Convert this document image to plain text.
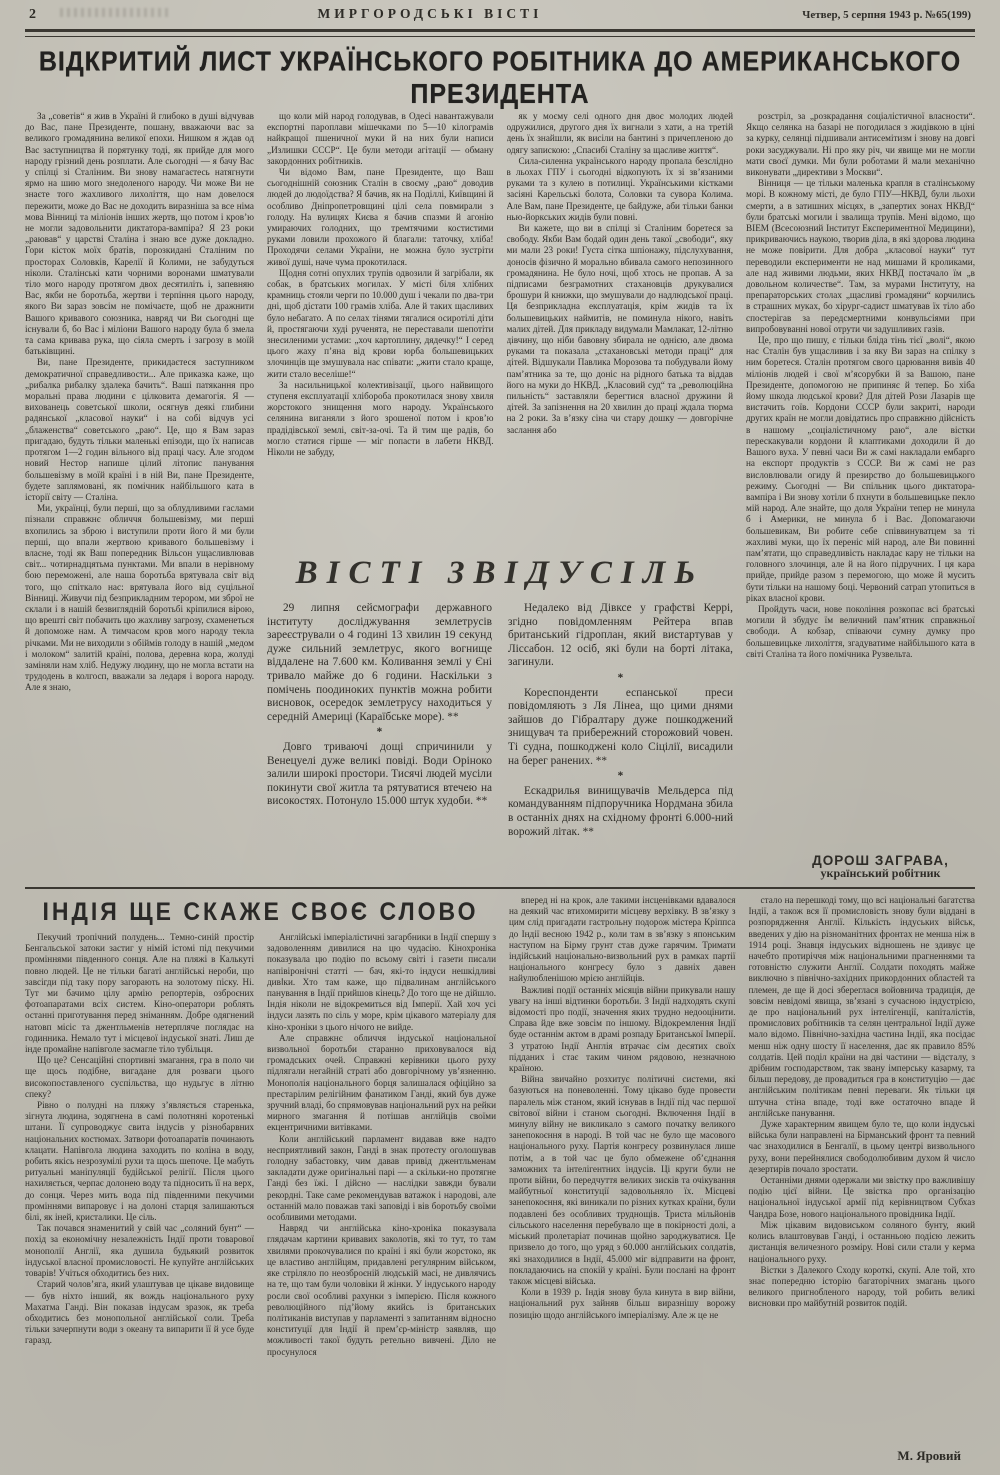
2	МИРГОРОДСЬКІ ВІСТІ	Четвер, 5 серпня 1943 р. №65(199)
ВІДКРИТИЙ ЛИСТ УКРАЇНСЬКОГО РОБІТНИКА ДО АМЕРИКАНСЬКОГО ПРЕЗИДЕНТА

За „советів“ я жив в Україні й глибоко в душі відчував до Вас, пане Президенте, пошану, вважаючи вас за великого громадянина великої епохи. Нишком я ждав од Вас заступництва й порятунку тоді, як прийде для мого народу грізний день розплати. Але сьогодні — я бачу Вас у спілці зі Сталіним. Ви знову намагаєтесь натягнути ярмо на шию мого знедоленого народу. Чи може Ви не знаєте того жахливого лихоліття, що нам довелося пережити, може до Вас не доходить виразніша за все німа мова Вінниці та міліонів інших жертв, що потом і кров’ю не могли задовольнити диктатора-вампіра? Я 23 роки „раював“ у царстві Сталіна і знаю все дуже докладно. Гори кісток моїх братів, порозкидані Сталіним по просторах Соловків, Карелії й Колими, не забудуться ніколи. Сталінські кати чорними воронами шматували тіло мого народу протягом двох десятиліть і, запевняю Вас, якби не боротьба, жертви і терпіння цього народу, якого Ви зараз зовсім не помічаєте, щоб не дражнити Вашого кривавого союзника, навряд чи Ви сьогодні ще існували б, бо Вас і міліони Вашого народу була б змела та сама кривава рука, що сіяла смерть і загрозу в моїй батьківщині.

Ви, пане Президенте, прикидаєтеся заступником демократичної справедливости... Але приказка каже, що „рибалка рибалку здалека бачить“. Ваші патякання про моральні права людини є цілковита демагогія. Я — вихованець советської школи, осягнув деякі глибини радянської „класової науки“ і на собі відчув усі „блаженства“ советського „раю“. Це, що я Вам зараз пригадаю, будуть тільки маленькі епізоди, що їх написав протягом 1—2 годин вільного від праці часу. Але згодом новий Нестор напише цілий літопис панування большевізму в моїй країні і в ній Ви, пане Президенте, будете заплямовані, як помічник найбільшого ката в історії світу — Сталіна.

Ми, українці, були перші, що за облудливими гаслами пізнали справжнє обличчя большевізму, ми перші вхопились за зброю і виступили проти його й ми були перші, що впали жертвою кривавого большевізму і власне, тоді як Ваш попередник Вільсон ущасливлював світ... чотирнадцятьма пунктами. Ми впали в нерівному бою переможені, але наша боротьба врятувала світ від того, що спіткало нас: врятувала його від суцільної Вінниці. Живучи під безприкладним терором, ми зброї не склали і в нашій безвиглядній боротьбі кріпилися вірою, що врешті світ побачить цю жахливу загрозу, схаменеться й допоможе нам. А тимчасом кров мого народу текла річками. Ми не виходили з обіймів голоду в нашій „медом і молоком“ залитій країні, полова, деревна кора, жолуді заміняли нам хліб. Недужу людину, що не могла встати на трудодень в колгосп, вважали за ледаря і ворога народу. Але я знаю,

що коли мій народ голодував, в Одесі навантажували експортні пароплави мішечками по 5—10 кілограмів найкращої пшеничної муки й на них були написи „Излишки СССР“. Це були методи агітації — обману закордонних робітників.

Чи відомо Вам, пане Президенте, що Ваш сьогоднішній союзник Сталін в своєму „раю“ доводив людей до людоїдства? Я бачив, як на Поділлі, Київщині й особливо Дніпропетровщині цілі села повмирали з голоду. На вулицях Києва я бачив спазми й агонію умираючих голодних, що тремтячими костистими руками ловили прохожого й благали: таточку, хліба! Проходячи селами України, не можна було зустріти живої душі, наче чума прокотилася.

Щодня сотні опухлих трупів одвозили й загрібали, як собак, в братських могилах. У місті біля хлібних крамниць стояли черги по 10.000 душ і чекали по два-три дні, щоб дістати 100 грамів хліба. Але й таких щасливих було небагато. А по селах тінями тягалися осиротілі діти й, простягаючи худі рученята, не переставали шепотіти знесиленими устами: „хоч картоплину, дядечку!“ І серед цього жаху п’яна від крови юрба большевицьких злочинців ще змушувала нас співати: „жити стало краще, жити стало веселіше!“

За насильницької колективізації, цього найвищого ступеня експлуатації хлібороба прокотилася знову хвиля жорстокого знищення мого народу. Українського селянина виганяли з його зрошеної потом і кров’ю прадідівської землі, світ-за-очі. Та й тим ще радів, бо могло статися гірше — міг попасти в лабети НКВД. Ніколи не забуду,

як у моєму селі одного дня двоє молодих людей одружилися, другого дня їх вигнали з хати, а на третій день їх знайшли, як висіли на бантині з причепленою до одягу запискою: „Спасибі Сталіну за щасливе життя“.

Сила-силенна українського народу пропала безслідно в льохах ГПУ і сьогодні відкопують їх зі зв’язаними руками та з кулею в потилиці. Українськими кістками засіяні Карельські болота, Соловки та сувора Колима. Але Вам, пане Президенте, це байдуже, аби тільки банки нью-йоркських жидів були повні.

Ви кажете, що ви в спілці зі Сталіним боретеся за свободу. Якби Вам бодай один день такої „свободи“, яку ми мали 23 роки! Густа сітка шпіонажу, підслухування, доносів фізично й морально вбивала самого непозинного громадянина. Не було ночі, щоб хтось не пропав. А за підписами безграмотних стахановців друкувалися брошури й книжки, що змушували до надлюдської праці. Ця безприкладна експлуатація, крім жидів та їх большевицьких наймитів, не поминула нікого, навіть малих дітей. Для прикладу видумали Мамлакат, 12-літню дівчину, що ніби бавовну збирала не однією, але двома руками та показала „стахановські методи праці“ для дітей. Відшукали Павлика Морозова та побудували йому пам’ятника за те, що доніс на рідного батька та віддав його на муки до НКВД. „Класовий суд“ та „революційна пильність“ заставляли берегтися власної дружини й дітей. За запізнення на 20 хвилин до праці ждала тюрма на 2 роки. За в’язку сіна чи стару дошку — довгорічне заслання або

ВІСТІ ЗВІДУСІЛЬ

29 липня сейсмографи державного інституту досліджування землетрусів зареєстрували о 4 годині 13 хвилин 19 секунд дуже сильний землетрус, якого вогнище віддалене на 7.600 км. Коливання землі у Єні тривало майже до 6 години. Наскільки з помічень поодиноких пунктів можна робити висновок, осередок землетрусу находиться у середній Америці (Караїбське море). **

*

Довго триваючі дощі спричинили у Венецуелі дуже великі повіді. Води Оріноко залили широкі простори. Тисячі людей мусіли покинути свої житла та рятуватися втечею на високостях. Потонуло 15.000 штук худоби. **

Недалеко від Дівксе у графстві Керрі, згідно повідомленням Рейтера впав британський гідроплан, який вистартував у Ліссабон. 12 осіб, які були на борті літака, загинули.

*

Кореспонденти еспанської преси повідомляють з Ля Лінеа, що цими днями зайшов до Гібралтару дуже пошкоджений знищувач та прибережний сторожовий човен. Ті судна, пошкоджені коло Сіцілії, висадили на берег ранених. **

*

Ескадрилья винищувачів Мельдерса під командуванням підпоручника Нордмана збила в останніх днях на східному фронті 6.000-ний ворожий літак. **

розстріл, за „розкрадання соціалістичної власности“. Якщо селянка на базарі не погодилася з жидівкою в ціні за курку, селянці підшивали антисемітизм і знову на довгі роки засуджували. Ні про яку річ, чи явище ми не могли мати своєї думки. Ми були роботами й мали механічно виконувати „директиви з Москви“.

Вінниця — це тільки маленька крапля в сталінському морі. В кожному місті, де було ГПУ—НКВД, були льохи смерти, а в затишних місцях, в „запертих зонах НКВД“ були братські могили і звалища трупів. Мені відомо, що ВІЕМ (Всесоюзний Інститут Експериментної Медицини), прикриваючись наукою, творив діла, в які здорова людина не може повірити. Для добра „класової науки“ тут переводили експерименти не над мишами й кроликами, але над живими людьми, яких НКВД постачало їм „в довольном количестве“. Там, за мурами Інституту, на препараторських столах „щасливі громадяни“ корчились в страшних муках, бо хірург-садист шматував їх тіло або спостерігав за передсмертними конвульсіями при випробовуванні нової отрути чи задушливих газів.

Це, про що пишу, є тільки бліда тінь тієї „волі“, якою нас Сталін був ущасливив і за яку Ви зараз на спілку з ним боретеся. Сталін протягом свого царювання вивів 40 міліонів людей і свої м’ясорубки й за Вашою, пане Президенте, допомогою не припиняє й тепер. Бо хіба йому шкода людської крови? Для дітей Рози Лазарів ще вистачить гоїв. Кордони СССР були закриті, народи других країн не могли довідатись про справжню дійсність в нашому „соціалістичному раю“, але вістки перескакували кордони й клаптиками доходили й до Вашого вуха. У певні часи Ви ж самі накладали ембарго на експорт продуктів з СССР. Ви ж самі не раз висловлювали огиду й презирство до большевицького режиму. Сьогодні — Ви спільник цього диктатора-вампіра і Ви знову хотіли б пхнути в большевицьке пекло мій народ. Але знайте, що доля України тепер не минула б і Америки, не минула б і Вас. Допомагаючи большевикам, Ви робите себе співвинуватцем за ті жахливі муки, що їх переніс мій народ, але Ви повинні пам’ятати, що справедливість накладає кару не тільки на головного злочинця, але й на його підручних. І ця кара прийде, прийде разом з перемогою, що може й мусить бути тільки на нашому боці. Червоний сатрап утопиться в ріках власної крови.

Пройдуть часи, нове покоління розкопає всі братські могили й збудує їм величний пам’ятник справжньої свободи. А кобзар, співаючи сумну думку про большевицьке лихоліття, згадуватиме найбільшого ката в світі Сталіна та його помічника Рузвельта.

ДОРОШ ЗАГРАВА,
український робітник
ІНДІЯ ЩЕ СКАЖЕ СВОЄ СЛОВО

Пекучий тропічний полудень... Темно-синій простір Бенгальської затоки застиг у німій істомі під пекучими проміннями південного сонця. Але на пляжі в Калькуті повно людей. Це не тільки багаті англійські нероби, що завсігди під таку пору загорають на золотому піску. Ні. Тут ми бачимо цілу армію репортерів, озброєних фотоапаратами всіх систем. Кіно-оператори роблять останні приготування перед зніманням. Добре одягнений натовп місіс та джентльменів нетерпляче поглядає на годинника. Немало тут і місцевої індуської знаті. Лиш де інде промайне напівголе засмагле тіло тубільця.

Що це? Сенсаційні спортивні змагання, гра в поло чи ще щось подібне, вигадане для розваги цього високопоставленого суспільства, що нудьгує в літню спеку?

Рівно о полудні на пляжу з’являється старенька, зігнута людина, зодягнена в самі полотняні коротенькі штани. Її супроводжує свита індусів у різнобарвних національних костюмах. Затвори фотоапаратів починають клацати. Напівгола людина заходить по коліна в воду, робить якісь незрозумілі рухи та щось шепоче. Це мабуть ритуальні маніпуляції будійської релігії. Після цього нахиляється, черпає долонею воду та підносить її на верх, до сонця. Через мить вода під південними пекучими проміннями випаровує і на долоні старця залишаються білі, як іней, кристалики. Це сіль.

Так почався знаменитий у свій час „соляний бунт“ — похід за економічну незалежність Індії проти товарової монополії Англії, яка душила будьякий розвиток індуської власної промисловості. Не купуйте англійських товарів! Учіться обходитись без них.

Старий чолов’яга, який улаштував це цікаве видовище — був ніхто інший, як вождь національного руху Махатма Ганді. Він показав індусам зразок, як треба обходитись без монопольної англійської соли. Треба тільки зачерпнути води з океану та випарити її й усе буде гаразд.

Англійські імперіалістичні загарбники в Індії спершу з задоволенням дивилися на цю чудасію. Кінохроніка показувала цю подію по всьому світі і газети писали напівіронічні статті — бач, які-то індуси нешкідливі дивاки. Хто там каже, що підвалинам англійського панування в Індії прийшов кінець? До того ще не дійшло. Індія ніколи не відокремиться від Імперії. Хай хоч усі індуси лазять по сіль у море, крім цікавого матеріалу для кіно-хроніки з цього нічого не вийде.

Але справжнє обличчя індуської національної визвольної боротьби старанно приховувалося від громадських очей. Справжні керівники цього руху підлягали негайній страті або довгорічному ув’язненню. Монополія національного борця залишалася офіційно за престарілим релігійним фанатиком Ганді, який був дуже зручний владі, бо спрямовував національний рух на рейки мирного змагання й потішав англійців своїми екцентричними витівками.

Коли англійський парламент видавав вже надто несприятливий закон, Ганді в знак протесту оголошував голодну забастовку, чим давав привід джентльменам закладати дуже оригінальні парі — а скільки-но протягне Ганді без їжі. І дійсно — наслідки завжди бували рекордні. Таке саме рекомендував ватажок і народові, але останній мало поважав такі заповіді і вів боротьбу своїми особливими методами.

Навряд чи англійська кіно-хроніка показувала глядачам картини кривавих заколотів, які то тут, то там хвилями прокочувалися по країні і які були жорстоко, як це властиво англійцям, придавлені регулярним військом, яке стріляло по неозброєній людській масі, не дивлячись на те, що там були чоловіки й жінки. У індуського народу росли свої особливі рахунки з імперією. Після кожного революційного під’йому якийсь із британських політиканів виступав у парламенті з запитанням відносно конституції для Індії й прем’єр-міністр заявляв, що можливості такої будуть ретельно вивчені. Діло не просунулося

вперед ні на крок, але такими інсценівками вдавалося на деякий час втихомирити місцеву верхівку. В зв’язку з цим слід пригадати гастрольну подорож містера Кріппса до Індії весною 1942 р., коли там в зв’язку з японським наступом на Бірму грунт став дуже гарячим. Тримати індійський національно-визвольний рух в рамках партії національного конгресу було з давніх давен найулюбленішою мрією англійців.

Важливі події останніх місяців війни прикували нашу увагу на інші відтинки боротьби. З Індії надходять скупі відомості про події, значення яких трудно недооцінити. Справа йде вже зовсім по іншому. Відокремлення Індії буде останнім актом в драмі розпаду Британської Імперії. З утратою Індії Англія втрачає сім десятих своїх підданих і стає таким чином рядовою, незначною країною.

Війна звичайно розхитує політичні системи, які базуються на поневоленні. Тому цікаво буде провести паралель між станом, який існував в Індії під час першої світової війни і станом сьогодні. Включення Індії в минулу війну не викликало з самого початку великого занепокоєння в народі. В той час не було ще масового національного руху. Партія конгресу розвинулася лише потім, а в той час це було обмежене об’єднання заможних та інтелігентних індусів. Ці круги були не проти війни, бо передчуття великих зисків та очікування майбутньої конституції задовольняло їх. Місцеві занепокоєння, які виникали по різних кутках країни, були подавлені без особливих труднощів. Триста мільйонів сільського населення перебувало ще в покірності долі, а міський пролетаріат починав щойно зароджуватися. Це призвело до того, що уряд з 60.000 англійських солдатів, які знаходилися в Індії, 45.000 міг відправити на фронт, покладаючись на спокій у країні. Були послані на фронт також місцеві війська.

Коли в 1939 р. Індія знову була кинута в вир війни, національний рух зайняв більш виразнішу ворожу позицію щодо англійського імперіалізму. Але ж це не

стало на перешкоді тому, що всі національні багатства Індії, а також вся її промисловість знову були віддані в розпорядження Англії. Кількість індуських військ, введених у дію на різноманітних фронтах не менша ніж в 1914 році. Знавця індуських відношень не здивує це начебто протиріччя між національними прагненнями та готовністю служити Англії. Солдати походять майже виключно з північно-західних прикордонних областей та племен, де ще й досі збереглася войовнича традиція, де зовсім невідомі явища, зв’язані з сучасною індустрією, де про національний рух інтелігенції, капіталістів, промислових робітників та селян центральної Індії дуже мало відомо. Північно-західна частина Індії, яка посідає менш ніж одну шосту її населення, дає як правило 85% солдатів. Цей поділ країни на дві частини — відсталу, з дрібним господарством, так звану імперську казарму, та більш передову, де провадиться гра в конституцію — дає англійським політикам певні переваги. Як тільки ця штучна стіна впаде, тоді вже остаточно впаде й англійське панування.

Дуже характерним явищем було те, що коли індуські війська були направлені на Бірманський фронт та певний час знаходилися в Бенгалії, в цьому центрі визвольного руху, вони перейнялися свободолюбивим духом й число дезертирів почало зростати.

Останніми днями одержали ми звістку про важливішу подію цієї війни. Це звістка про організацію національної індуської армії під керівництвом Субхаз Чандра Бозе, нового національного провідника Індії.

Між цікавим видовиськом соляного бунту, який колись влаштовував Ганді, і останньою подією лежить дистанція величезного розміру. Нові сили стали у керма національного руху.

Вістки з Далекого Сходу короткі, скупі. Але той, хто знає попередню історію багаторічних змагань цього великого пригнобленого народу, той робить великі висновки про майбутній розвиток подій.

М. Яровий
